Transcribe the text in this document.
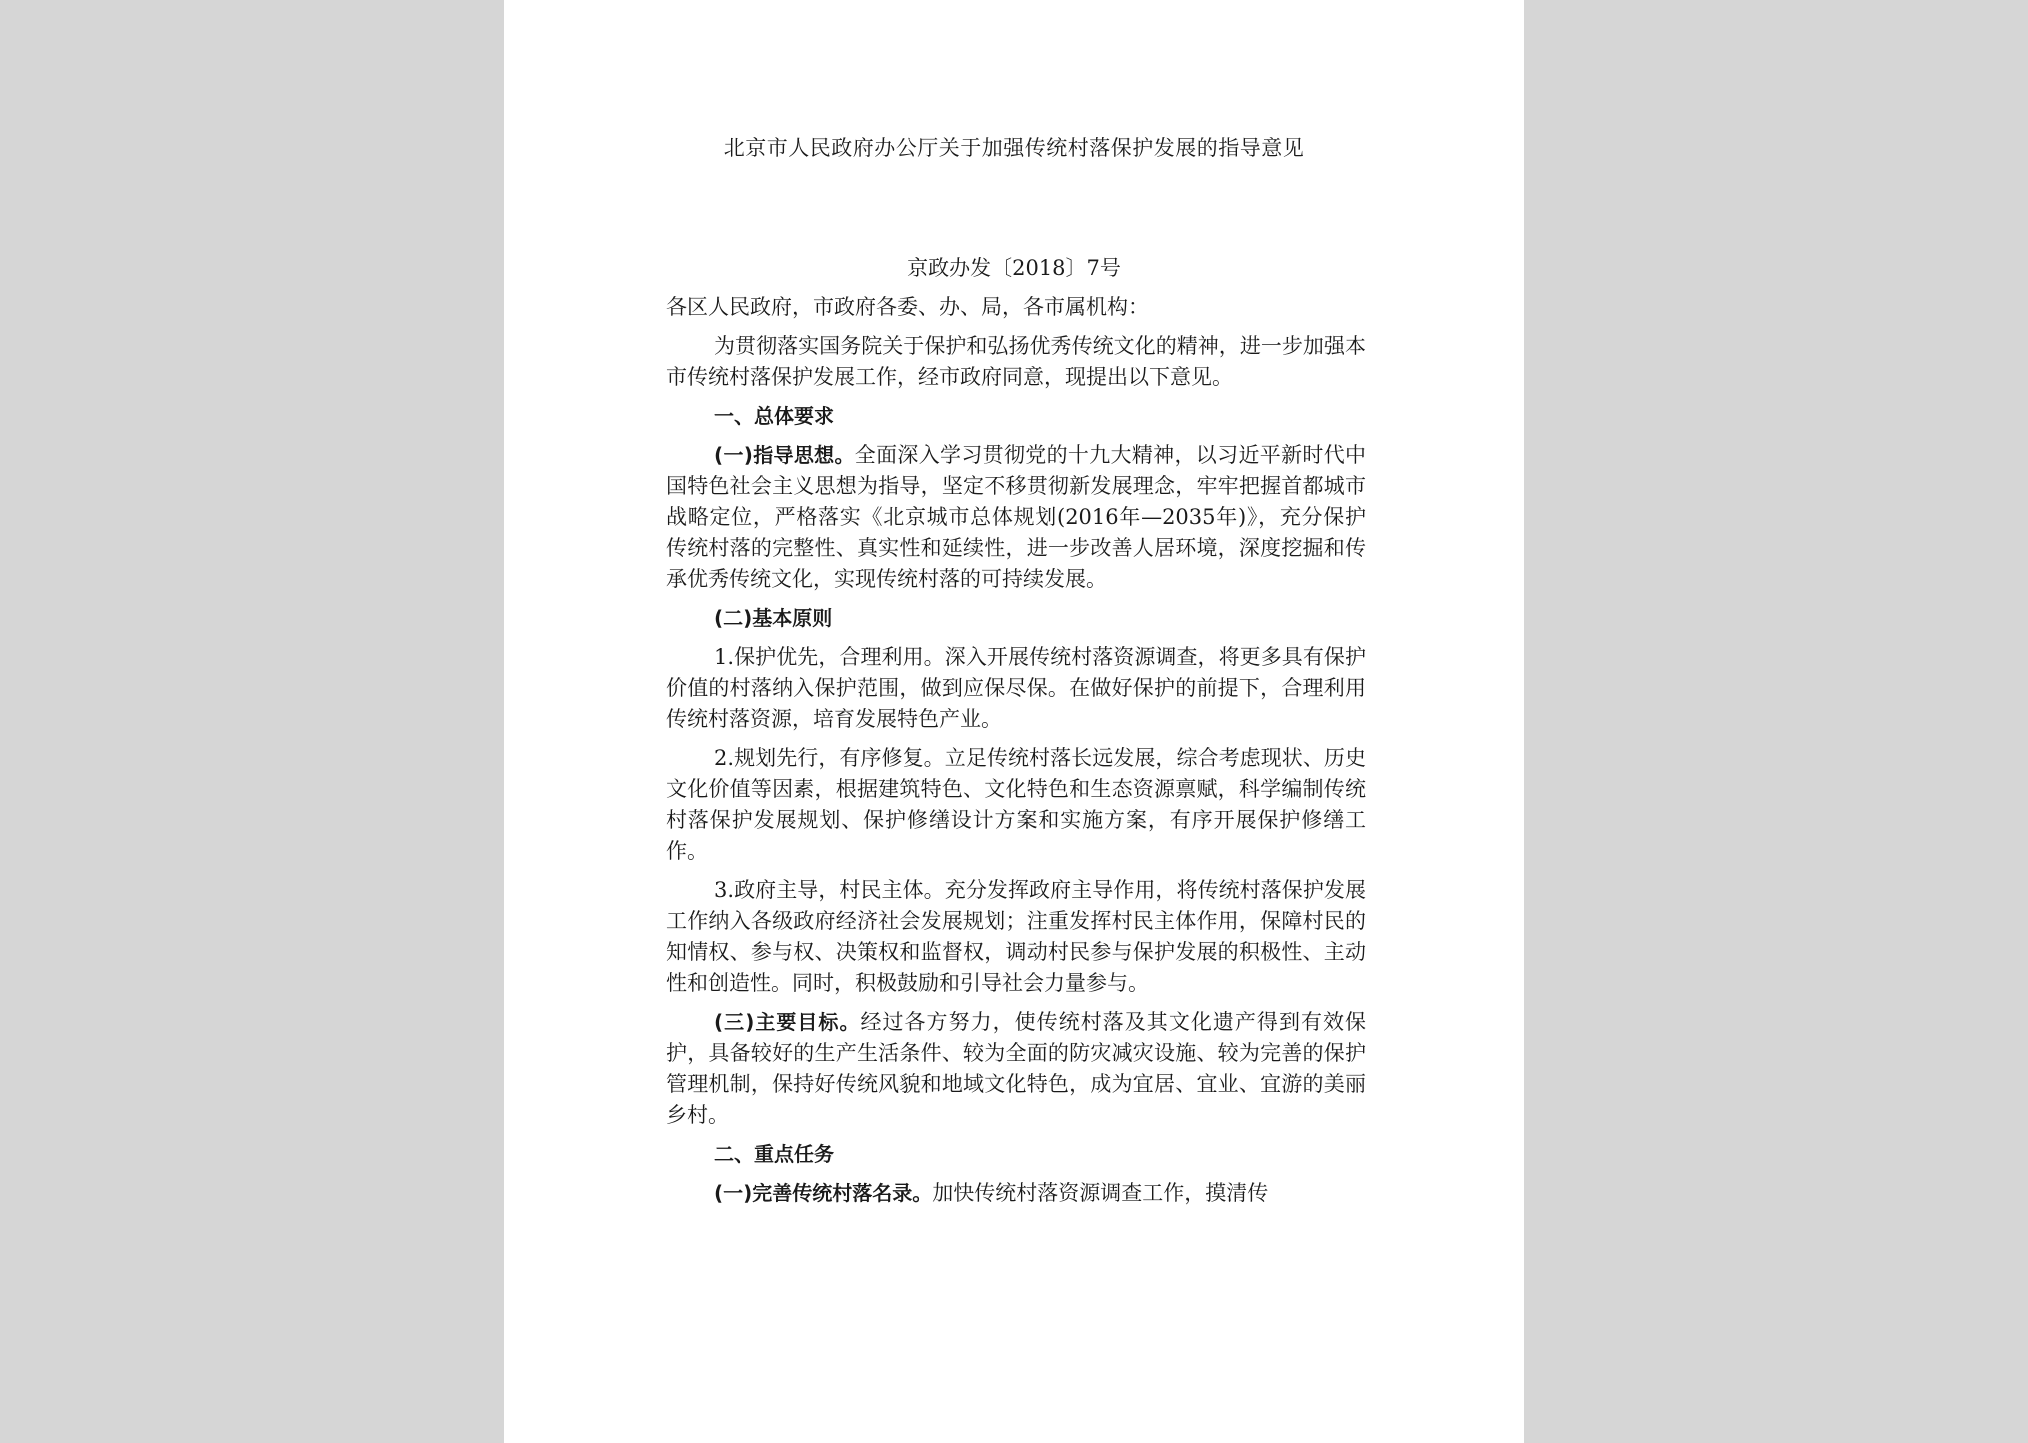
北京市人民政府办公厅关于加强传统村落保护发展的指导意见
京政办发〔2018〕7号

各区人民政府，市政府各委、办、局，各市属机构：

为贯彻落实国务院关于保护和弘扬优秀传统文化的精神，进一步加强本市传统村落保护发展工作，经市政府同意，现提出以下意见。

一、总体要求

(一)指导思想。全面深入学习贯彻党的十九大精神，以习近平新时代中国特色社会主义思想为指导，坚定不移贯彻新发展理念，牢牢把握首都城市战略定位，严格落实《北京城市总体规划(2016年—2035年)》，充分保护传统村落的完整性、真实性和延续性，进一步改善人居环境，深度挖掘和传承优秀传统文化，实现传统村落的可持续发展。

(二)基本原则

1.保护优先，合理利用。深入开展传统村落资源调查，将更多具有保护价值的村落纳入保护范围，做到应保尽保。在做好保护的前提下，合理利用传统村落资源，培育发展特色产业。

2.规划先行，有序修复。立足传统村落长远发展，综合考虑现状、历史文化价值等因素，根据建筑特色、文化特色和生态资源禀赋，科学编制传统村落保护发展规划、保护修缮设计方案和实施方案，有序开展保护修缮工作。

3.政府主导，村民主体。充分发挥政府主导作用，将传统村落保护发展工作纳入各级政府经济社会发展规划；注重发挥村民主体作用，保障村民的知情权、参与权、决策权和监督权，调动村民参与保护发展的积极性、主动性和创造性。同时，积极鼓励和引导社会力量参与。

(三)主要目标。经过各方努力，使传统村落及其文化遗产得到有效保护，具备较好的生产生活条件、较为全面的防灾减灾设施、较为完善的保护管理机制，保持好传统风貌和地域文化特色，成为宜居、宜业、宜游的美丽乡村。

二、重点任务

(一)完善传统村落名录。加快传统村落资源调查工作，摸清传
